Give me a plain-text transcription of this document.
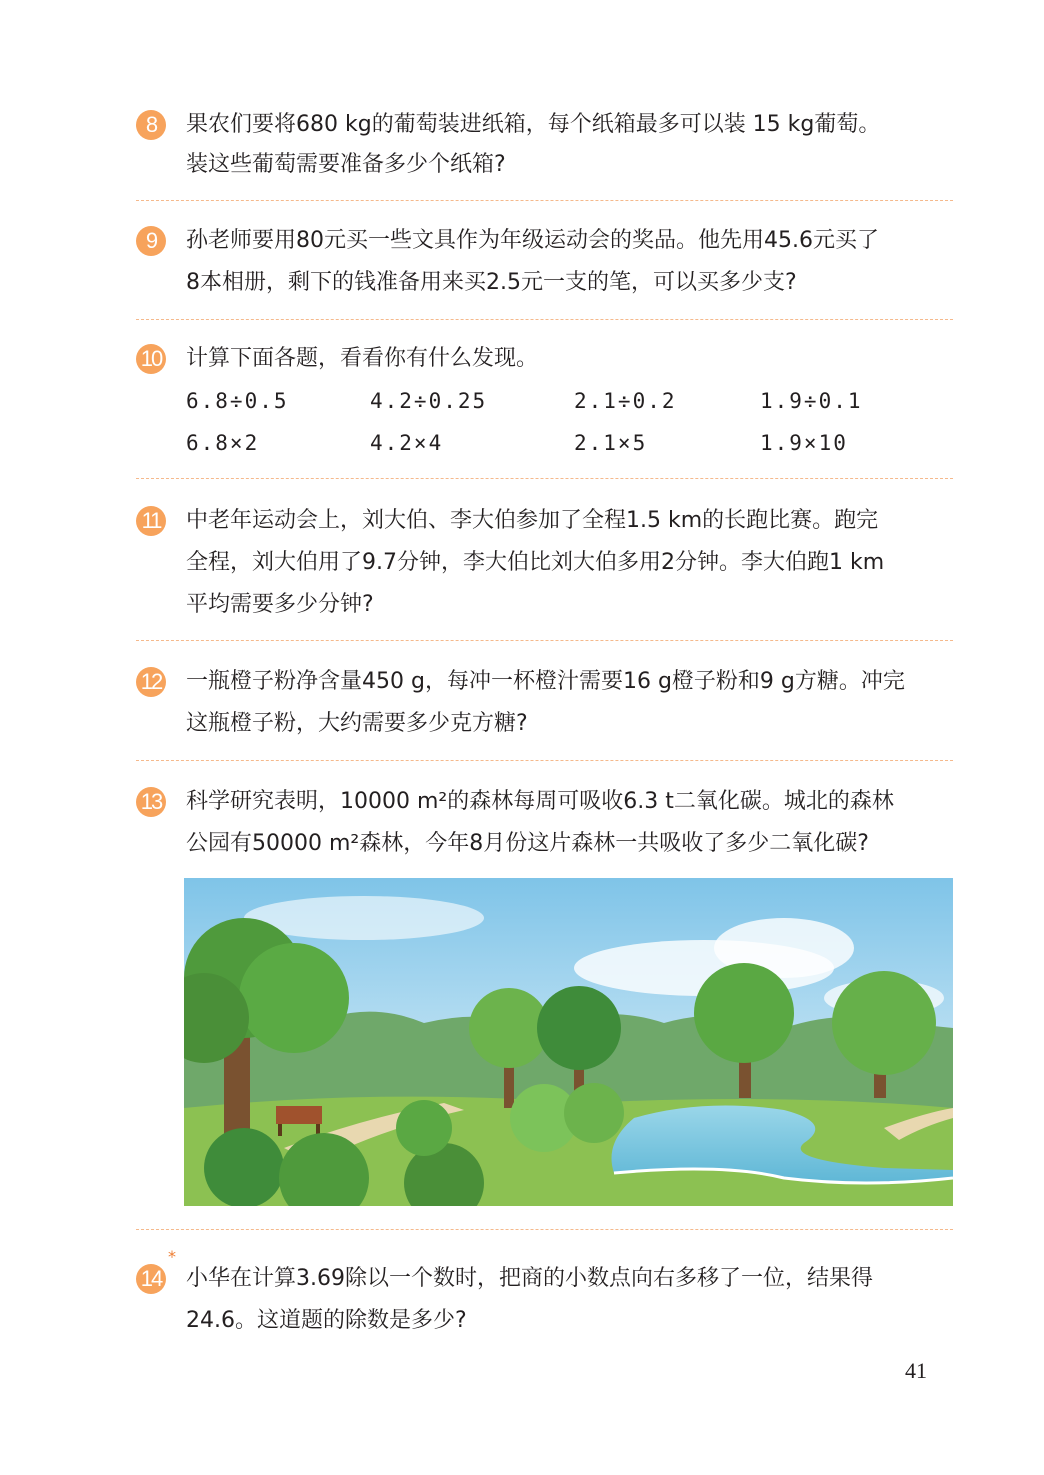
8	果农们要将680 kg的葡萄装进纸箱，每个纸箱最多可以装 15 kg葡萄。
装这些葡萄需要准备多少个纸箱?
9	孙老师要用80元买一些文具作为年级运动会的奖品。他先用45.6元买了
8本相册，剩下的钱准备用来买2.5元一支的笔，可以买多少支?
10 计算下面各题，看看你有什么发现。
6.8÷0.5	4.2÷0.25	2.1÷0.2	1.9÷0.1
6.8×2	4.2×4	2.1×5	1.9×10
11 中老年运动会上，刘大伯、李大伯参加了全程1.5 km的长跑比赛。跑完
全程，刘大伯用了9.7分钟，李大伯比刘大伯多用2分钟。李大伯跑1 km
平均需要多少分钟?
12 一瓶橙子粉净含量450 g，每冲一杯橙汁需要16 g橙子粉和9 g方糖。冲完
这瓶橙子粉，大约需要多少克方糖?
13 科学研究表明，10000 m²的森林每周可吸收6.3 t二氧化碳。城北的森林
公园有50000 m²森林，今年8月份这片森林一共吸收了多少二氧化碳?
*
14 小华在计算3.69除以一个数时，把商的小数点向右多移了一位，结果得
24.6。这道题的除数是多少?
41
